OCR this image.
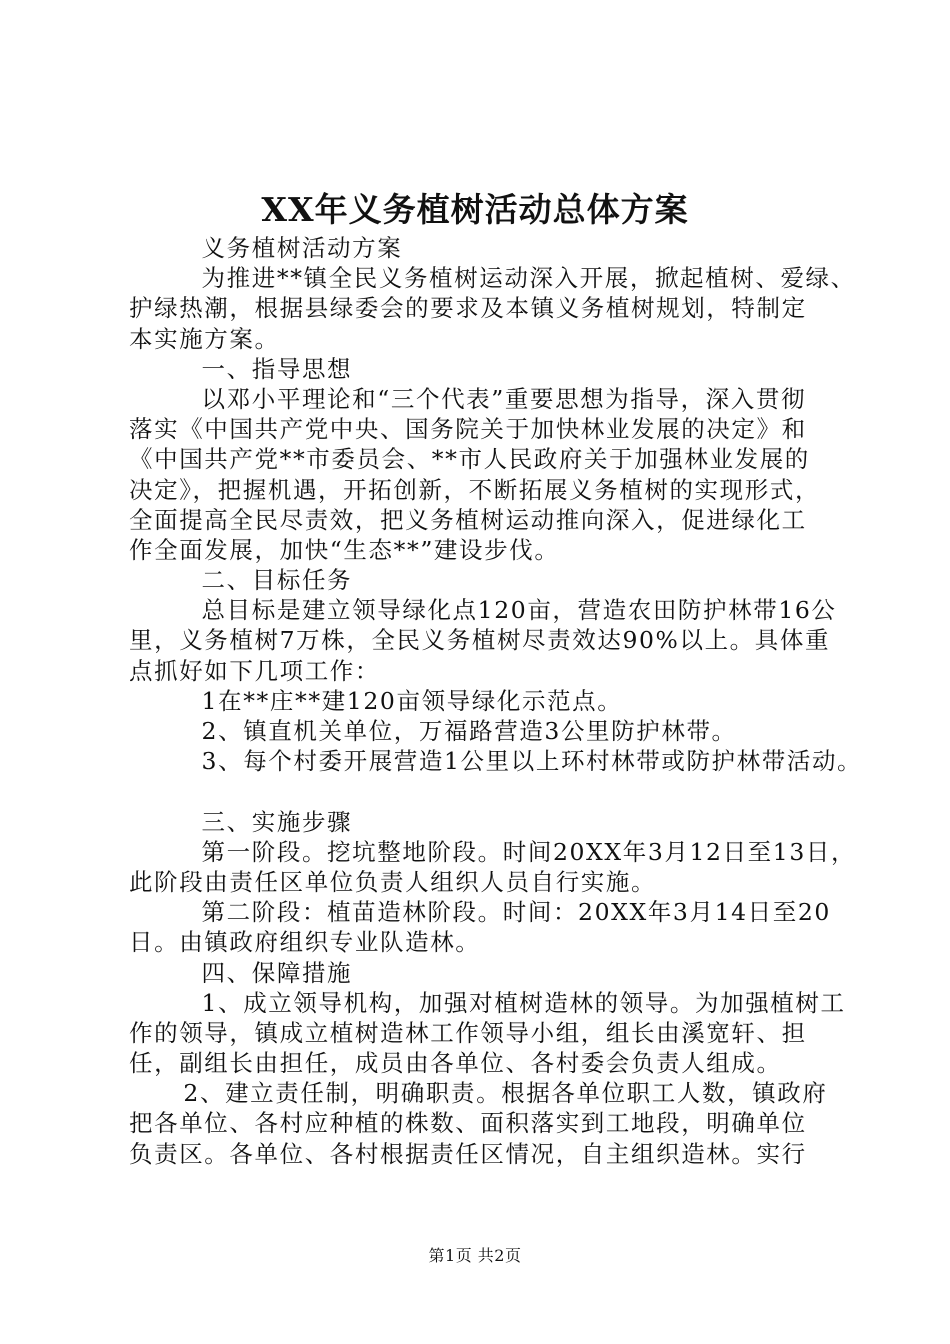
XX年义务植树活动总体方案
义务植树活动方案
为推进**镇全民义务植树运动深入开展，掀起植树、爱绿、
护绿热潮，根据县绿委会的要求及本镇义务植树规划，特制定
本实施方案。
一、指导思想
以邓小平理论和“三个代表”重要思想为指导，深入贯彻
落实《中国共产党中央、国务院关于加快林业发展的决定》和
《中国共产党**市委员会、**市人民政府关于加强林业发展的
决定》，把握机遇，开拓创新，不断拓展义务植树的实现形式，
全面提高全民尽责效，把义务植树运动推向深入，促进绿化工
作全面发展，加快“生态**”建设步伐。
二、目标任务
总目标是建立领导绿化点120亩，营造农田防护林带16公
里，义务植树7万株，全民义务植树尽责效达90%以上。具体重
点抓好如下几项工作：
1在**庄**建120亩领导绿化示范点。
2、镇直机关单位，万福路营造3公里防护林带。
3、每个村委开展营造1公里以上环村林带或防护林带活动。
三、实施步骤
第一阶段。挖坑整地阶段。时间20XX年3月12日至13日，
此阶段由责任区单位负责人组织人员自行实施。
第二阶段：植苗造林阶段。时间：20XX年3月14日至20
日。由镇政府组织专业队造林。
四、保障措施
1、成立领导机构，加强对植树造林的领导。为加强植树工
作的领导，镇成立植树造林工作领导小组，组长由溪宽轩、担
任，副组长由担任，成员由各单位、各村委会负责人组成。
2、建立责任制，明确职责。根据各单位职工人数，镇政府
把各单位、各村应种植的株数、面积落实到工地段，明确单位
负责区。各单位、各村根据责任区情况，自主组织造林。实行
第1页 共2页
